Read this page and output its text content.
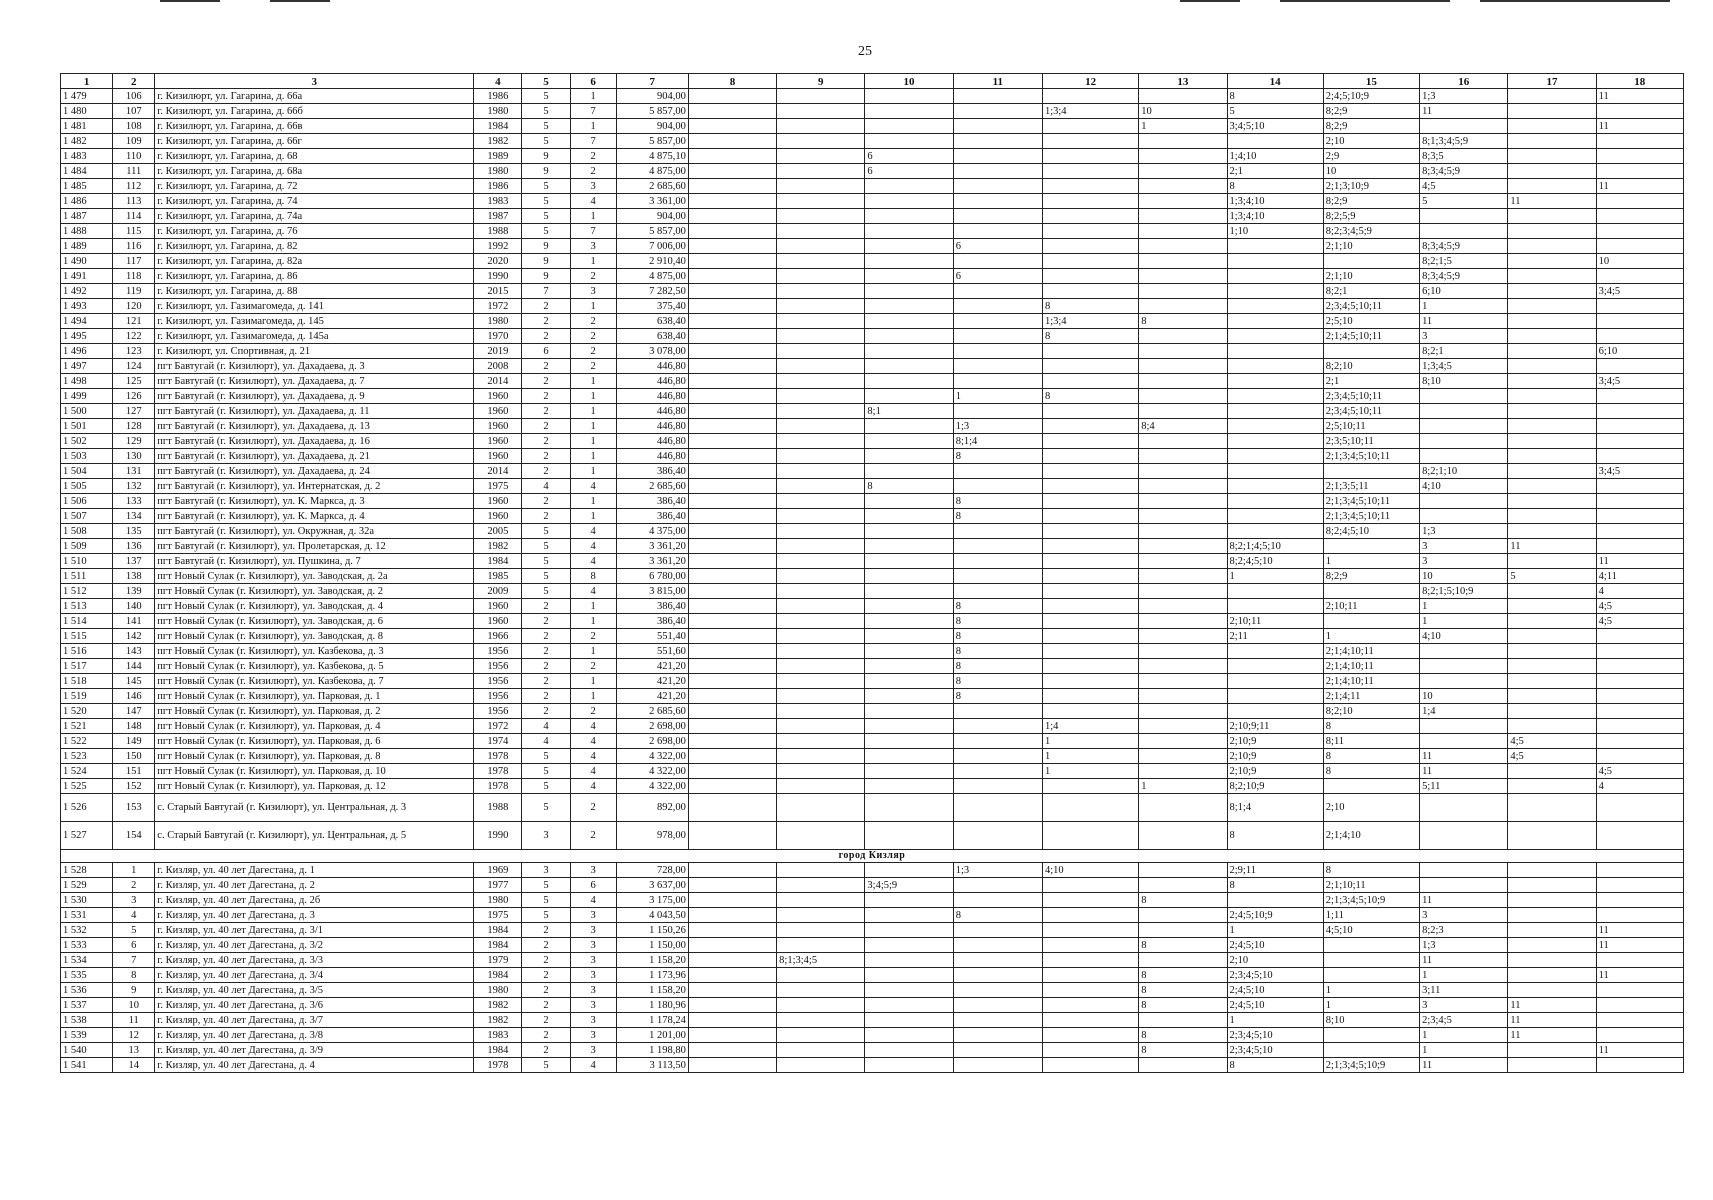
25
1	2	3	4	5	6	7	8	9	10	11	12	13	14	15	16	17	18
1 479	106	г. Кизилюрт, ул. Гагарина, д. 66а	1986	5	1	904,00							8	2;4;5;10;9	1;3		11
1 480	107	г. Кизилюрт, ул. Гагарина, д. 66б	1980	5	7	5 857,00					1;3;4	10	5	8;2;9	11		
1 481	108	г. Кизилюрт, ул. Гагарина, д. 66в	1984	5	1	904,00						1	3;4;5;10	8;2;9			11
1 482	109	г. Кизилюрт, ул. Гагарина, д. 66г	1982	5	7	5 857,00								2;10	8;1;3;4;5;9		
1 483	110	г. Кизилюрт, ул. Гагарина, д. 68	1989	9	2	4 875,10			6				1;4;10	2;9	8;3;5		
1 484	111	г. Кизилюрт, ул. Гагарина, д. 68а	1980	9	2	4 875,00			6				2;1	10	8;3;4;5;9		
1 485	112	г. Кизилюрт, ул. Гагарина, д. 72	1986	5	3	2 685,60							8	2;1;3;10;9	4;5		11
1 486	113	г. Кизилюрт, ул. Гагарина, д. 74	1983	5	4	3 361,00							1;3;4;10	8;2;9	5	11	
1 487	114	г. Кизилюрт, ул. Гагарина, д. 74а	1987	5	1	904,00							1;3;4;10	8;2;5;9			
1 488	115	г. Кизилюрт, ул. Гагарина, д. 76	1988	5	7	5 857,00							1;10	8;2;3;4;5;9			
1 489	116	г. Кизилюрт, ул. Гагарина, д. 82	1992	9	3	7 006,00				6				2;1;10	8;3;4;5;9		
1 490	117	г. Кизилюрт, ул. Гагарина, д. 82а	2020	9	1	2 910,40									8;2;1;5		10
1 491	118	г. Кизилюрт, ул. Гагарина, д. 86	1990	9	2	4 875,00				6				2;1;10	8;3;4;5;9		
1 492	119	г. Кизилюрт, ул. Гагарина, д. 88	2015	7	3	7 282,50								8;2;1	6;10		3;4;5
1 493	120	г. Кизилюрт, ул. Газимагомеда, д. 141	1972	2	1	375,40					8			2;3;4;5;10;11	1		
1 494	121	г. Кизилюрт, ул. Газимагомеда, д. 145	1980	2	2	638,40					1;3;4	8		2;5;10	11		
1 495	122	г. Кизилюрт, ул. Газимагомеда, д. 145а	1970	2	2	638,40					8			2;1;4;5;10;11	3		
1 496	123	г. Кизилюрт, ул. Спортивная, д. 21	2019	6	2	3 078,00									8;2;1		6;10
1 497	124	пгт Бавтугай (г. Кизилюрт), ул. Дахадаева, д. 3	2008	2	2	446,80								8;2;10	1;3;4;5		
1 498	125	пгт Бавтугай (г. Кизилюрт), ул. Дахадаева, д. 7	2014	2	1	446,80								2;1	8;10		3;4;5
1 499	126	пгт Бавтугай (г. Кизилюрт), ул. Дахадаева, д. 9	1960	2	1	446,80				1	8			2;3;4;5;10;11			
1 500	127	пгт Бавтугай (г. Кизилюрт), ул. Дахадаева, д. 11	1960	2	1	446,80			8;1					2;3;4;5;10;11			
1 501	128	пгт Бавтугай (г. Кизилюрт), ул. Дахадаева, д. 13	1960	2	1	446,80				1;3		8;4		2;5;10;11			
1 502	129	пгт Бавтугай (г. Кизилюрт), ул. Дахадаева, д. 16	1960	2	1	446,80				8;1;4				2;3;5;10;11			
1 503	130	пгт Бавтугай (г. Кизилюрт), ул. Дахадаева, д. 21	1960	2	1	446,80				8				2;1;3;4;5;10;11			
1 504	131	пгт Бавтугай (г. Кизилюрт), ул. Дахадаева, д. 24	2014	2	1	386,40									8;2;1;10		3;4;5
1 505	132	пгт Бавтугай (г. Кизилюрт), ул. Интернатская, д. 2	1975	4	4	2 685,60			8					2;1;3;5;11	4;10		
1 506	133	пгт Бавтугай (г. Кизилюрт), ул. К. Маркса, д. 3	1960	2	1	386,40				8				2;1;3;4;5;10;11			
1 507	134	пгт Бавтугай (г. Кизилюрт), ул. К. Маркса, д. 4	1960	2	1	386,40				8				2;1;3;4;5;10;11			
1 508	135	пгт Бавтугай (г. Кизилюрт), ул. Окружная, д. 32а	2005	5	4	4 375,00								8;2;4;5;10	1;3		
1 509	136	пгт Бавтугай (г. Кизилюрт), ул. Пролетарская, д. 12	1982	5	4	3 361,20							8;2;1;4;5;10		3	11	
1 510	137	пгт Бавтугай (г. Кизилюрт), ул. Пушкина, д. 7	1984	5	4	3 361,20							8;2;4;5;10	1	3		11
1 511	138	пгт Новый Сулак (г. Кизилюрт), ул. Заводская, д. 2а	1985	5	8	6 780,00							1	8;2;9	10	5	4;11
1 512	139	пгт Новый Сулак (г. Кизилюрт), ул. Заводская, д. 2	2009	5	4	3 815,00									8;2;1;5;10;9		4
1 513	140	пгт Новый Сулак (г. Кизилюрт), ул. Заводская, д. 4	1960	2	1	386,40				8				2;10;11	1		4;5
1 514	141	пгт Новый Сулак (г. Кизилюрт), ул. Заводская, д. 6	1960	2	1	386,40				8			2;10;11		1		4;5
1 515	142	пгт Новый Сулак (г. Кизилюрт), ул. Заводская, д. 8	1966	2	2	551,40				8			2;11	1	4;10		
1 516	143	пгт Новый Сулак (г. Кизилюрт), ул. Казбекова, д. 3	1956	2	1	551,60				8				2;1;4;10;11			
1 517	144	пгт Новый Сулак (г. Кизилюрт), ул. Казбекова, д. 5	1956	2	2	421,20				8				2;1;4;10;11			
1 518	145	пгт Новый Сулак (г. Кизилюрт), ул. Казбекова, д. 7	1956	2	1	421,20				8				2;1;4;10;11			
1 519	146	пгт Новый Сулак (г. Кизилюрт), ул. Парковая, д. 1	1956	2	1	421,20				8				2;1;4;11	10		
1 520	147	пгт Новый Сулак (г. Кизилюрт), ул. Парковая, д. 2	1956	2	2	2 685,60								8;2;10	1;4		
1 521	148	пгт Новый Сулак (г. Кизилюрт), ул. Парковая, д. 4	1972	4	4	2 698,00					1;4		2;10;9;11	8			
1 522	149	пгт Новый Сулак (г. Кизилюрт), ул. Парковая, д. 6	1974	4	4	2 698,00					1		2;10;9	8;11		4;5	
1 523	150	пгт Новый Сулак (г. Кизилюрт), ул. Парковая, д. 8	1978	5	4	4 322,00					1		2;10;9	8	11	4;5	
1 524	151	пгт Новый Сулак (г. Кизилюрт), ул. Парковая, д. 10	1978	5	4	4 322,00					1		2;10;9	8	11		4;5
1 525	152	пгт Новый Сулак (г. Кизилюрт), ул. Парковая, д. 12	1978	5	4	4 322,00						1	8;2;10;9		5;11		4
1 526	153	с. Старый Бавтугай (г. Кизилюрт), ул. Центральная, д. 3	1988	5	2	892,00							8;1;4	2;10			
1 527	154	с. Старый Бавтугай (г. Кизилюрт), ул. Центральная, д. 5	1990	3	2	978,00							8	2;1;4;10			
город Кизляр																	
1 528	1	г. Кизляр, ул. 40 лет Дагестана, д. 1	1969	3	3	728,00				1;3	4;10		2;9;11	8			
1 529	2	г. Кизляр, ул. 40 лет Дагестана, д. 2	1977	5	6	3 637,00			3;4;5;9				8	2;1;10;11			
1 530	3	г. Кизляр, ул. 40 лет Дагестана, д. 2б	1980	5	4	3 175,00						8		2;1;3;4;5;10;9	11		
1 531	4	г. Кизляр, ул. 40 лет Дагестана, д. 3	1975	5	3	4 043,50				8			2;4;5;10;9	1;11	3		
1 532	5	г. Кизляр, ул. 40 лет Дагестана, д. 3/1	1984	2	3	1 150,26							1	4;5;10	8;2;3		11
1 533	6	г. Кизляр, ул. 40 лет Дагестана, д. 3/2	1984	2	3	1 150,00						8	2;4;5;10		1;3		11
1 534	7	г. Кизляр, ул. 40 лет Дагестана, д. 3/3	1979	2	3	1 158,20		8;1;3;4;5					2;10		11		
1 535	8	г. Кизляр, ул. 40 лет Дагестана, д. 3/4	1984	2	3	1 173,96						8	2;3;4;5;10		1		11
1 536	9	г. Кизляр, ул. 40 лет Дагестана, д. 3/5	1980	2	3	1 158,20						8	2;4;5;10	1	3;11		
1 537	10	г. Кизляр, ул. 40 лет Дагестана, д. 3/6	1982	2	3	1 180,96						8	2;4;5;10	1	3	11	
1 538	11	г. Кизляр, ул. 40 лет Дагестана, д. 3/7	1982	2	3	1 178,24							1	8;10	2;3;4;5	11	
1 539	12	г. Кизляр, ул. 40 лет Дагестана, д. 3/8	1983	2	3	1 201,00						8	2;3;4;5;10		1	11	
1 540	13	г. Кизляр, ул. 40 лет Дагестана, д. 3/9	1984	2	3	1 198,80						8	2;3;4;5;10		1		11
1 541	14	г. Кизляр, ул. 40 лет Дагестана, д. 4	1978	5	4	3 113,50							8	2;1;3;4;5;10;9	11		
